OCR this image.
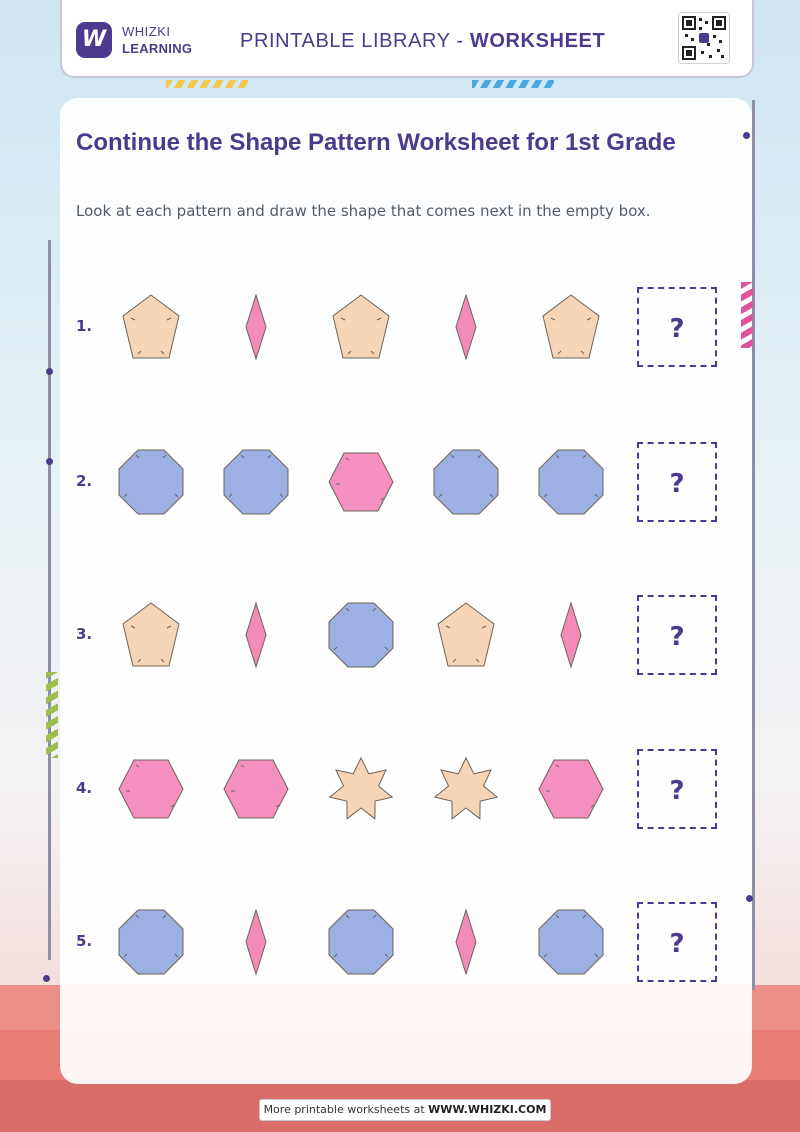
W	WHIZKI
LEARNING PRINTABLE LIBRARY - WORKSHEET
Continue the Shape Pattern Worksheet for 1st Grade
Look at each pattern and draw the shape that comes next in the empty box.
1.	?
2.	?
3.	?
4.	?
5.	?
More printable worksheets at WWW.WHIZKI.COM
